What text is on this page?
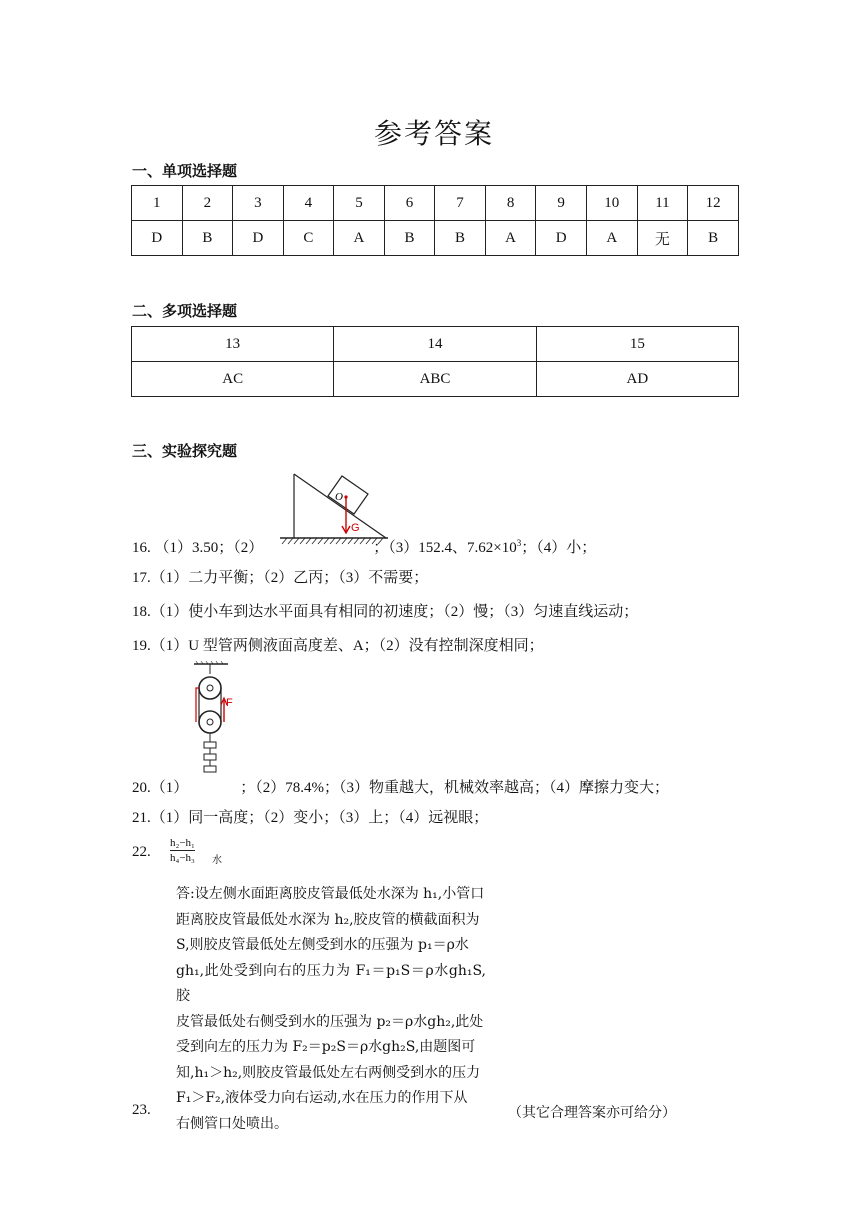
参考答案
一、单项选择题
1	2	3	4	5	6	7	8	9	10	11	12
D	B	D	C	A	B	B	A	D	A	无	B
二、多项选择题
13	14	15
AC	ABC	AD
三、实验探究题
O
G
16. （1）3.50；（2）	；（3）152.4、$7.62\times 10^3$；（4）小；
17.（1）二力平衡；（2）乙丙；（3）不需要；
18.（1）使小车到达水平面具有相同的初速度；（2）慢；（3）匀速直线运动；
19.（1）U 型管两侧液面高度差、A；（2）没有控制深度相同；
F
20.（1）	；（2）78.4%；（3）物重越大，机械效率越高；（4）摩擦力变大；
21.（1）同一高度；（2）变小；（3）上；（4）远视眼；
22.
h₂−h₁
h₄−h₃ 水
答:设左侧水面距离胶皮管最低处水深为 h₁,小管口
距离胶皮管最低处水深为 h₂,胶皮管的横截面积为
S,则胶皮管最低处左侧受到水的压强为 p₁＝ρ水
gh₁,此处受到向右的压力为 F₁＝p₁S＝ρ水gh₁S,胶
皮管最低处右侧受到水的压强为 p₂＝ρ水gh₂,此处
受到向左的压力为 F₂＝p₂S＝ρ水gh₂S,由题图可
知,h₁＞h₂,则胶皮管最低处左右两侧受到水的压力
F₁＞F₂,液体受力向右运动,水在压力的作用下从
右侧管口处喷出。
23.	（其它合理答案亦可给分）
